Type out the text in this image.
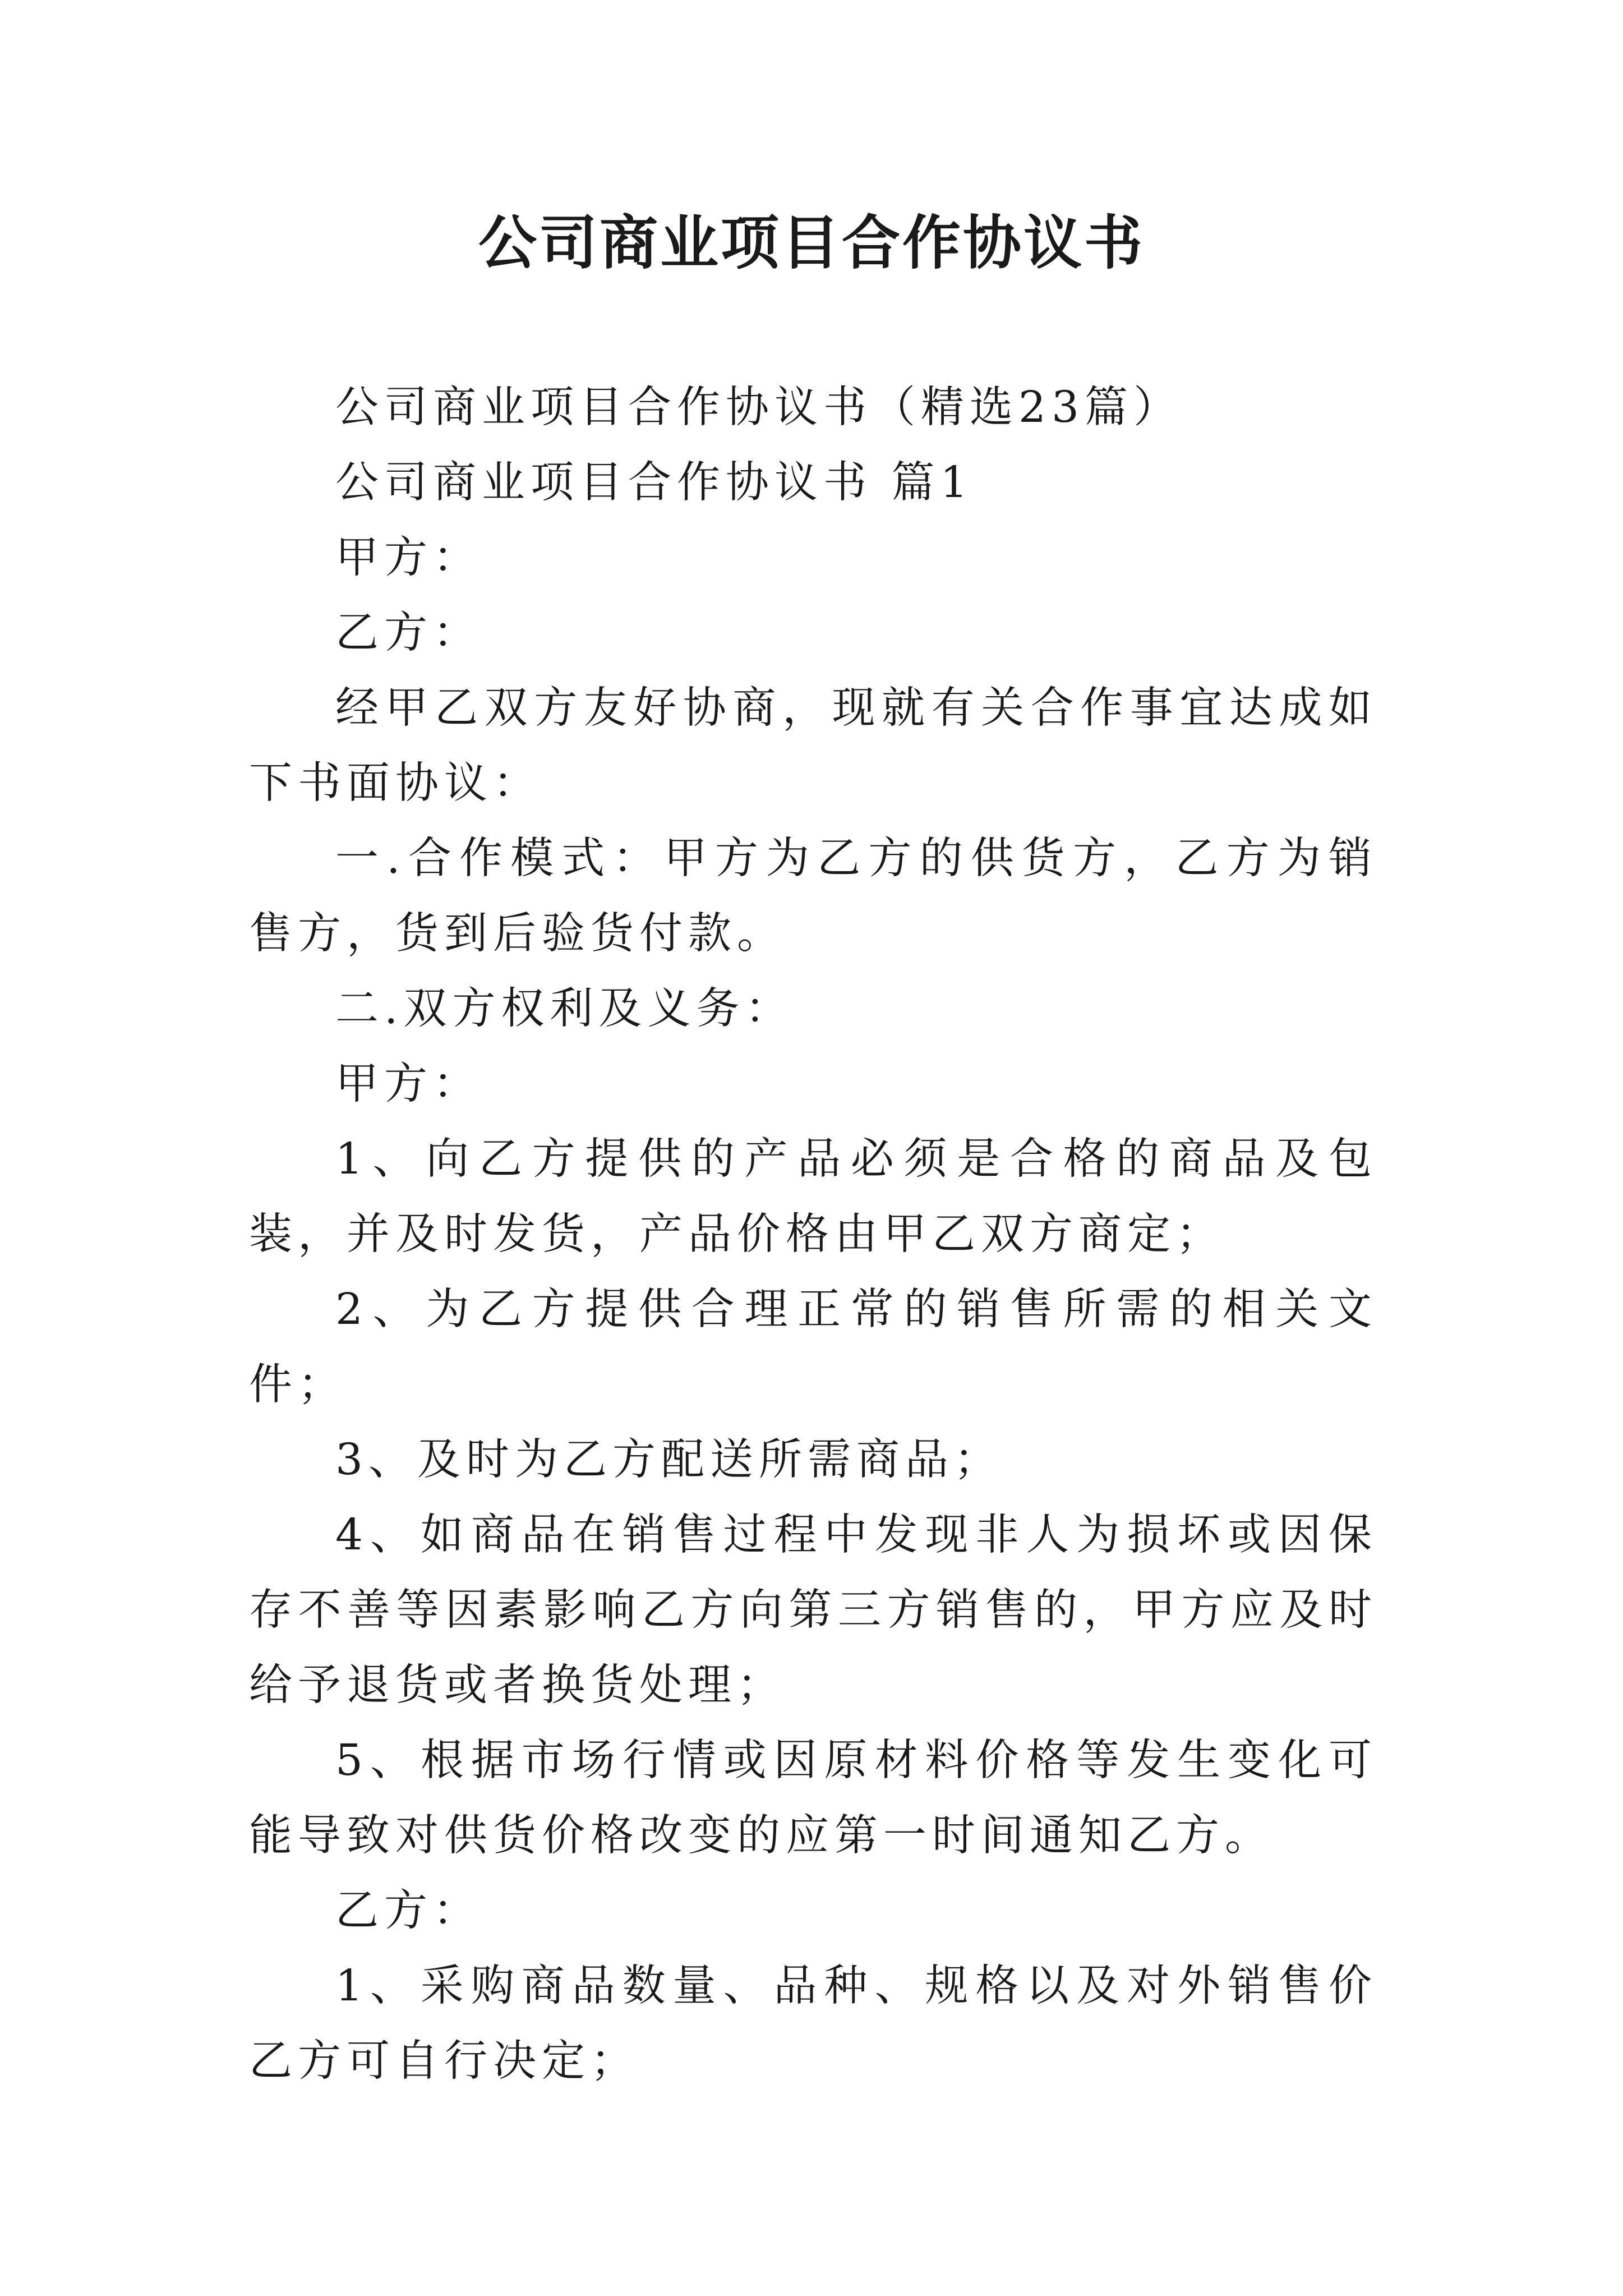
公司商业项目合作协议书

公司商业项目合作协议书（精选23篇）

公司商业项目合作协议书 篇1

甲方：

乙方：

经甲乙双方友好协商，现就有关合作事宜达成如下书面协议：

一.合作模式：甲方为乙方的供货方，乙方为销售方，货到后验货付款。

二.双方权利及义务：

甲方：

1、向乙方提供的产品必须是合格的商品及包装，并及时发货，产品价格由甲乙双方商定；

2、为乙方提供合理正常的销售所需的相关文件；

3、及时为乙方配送所需商品；

4、如商品在销售过程中发现非人为损坏或因保存不善等因素影响乙方向第三方销售的，甲方应及时给予退货或者换货处理；

5、根据市场行情或因原材料价格等发生变化可能导致对供货价格改变的应第一时间通知乙方。

乙方：

1、采购商品数量、品种、规格以及对外销售价乙方可自行决定；
